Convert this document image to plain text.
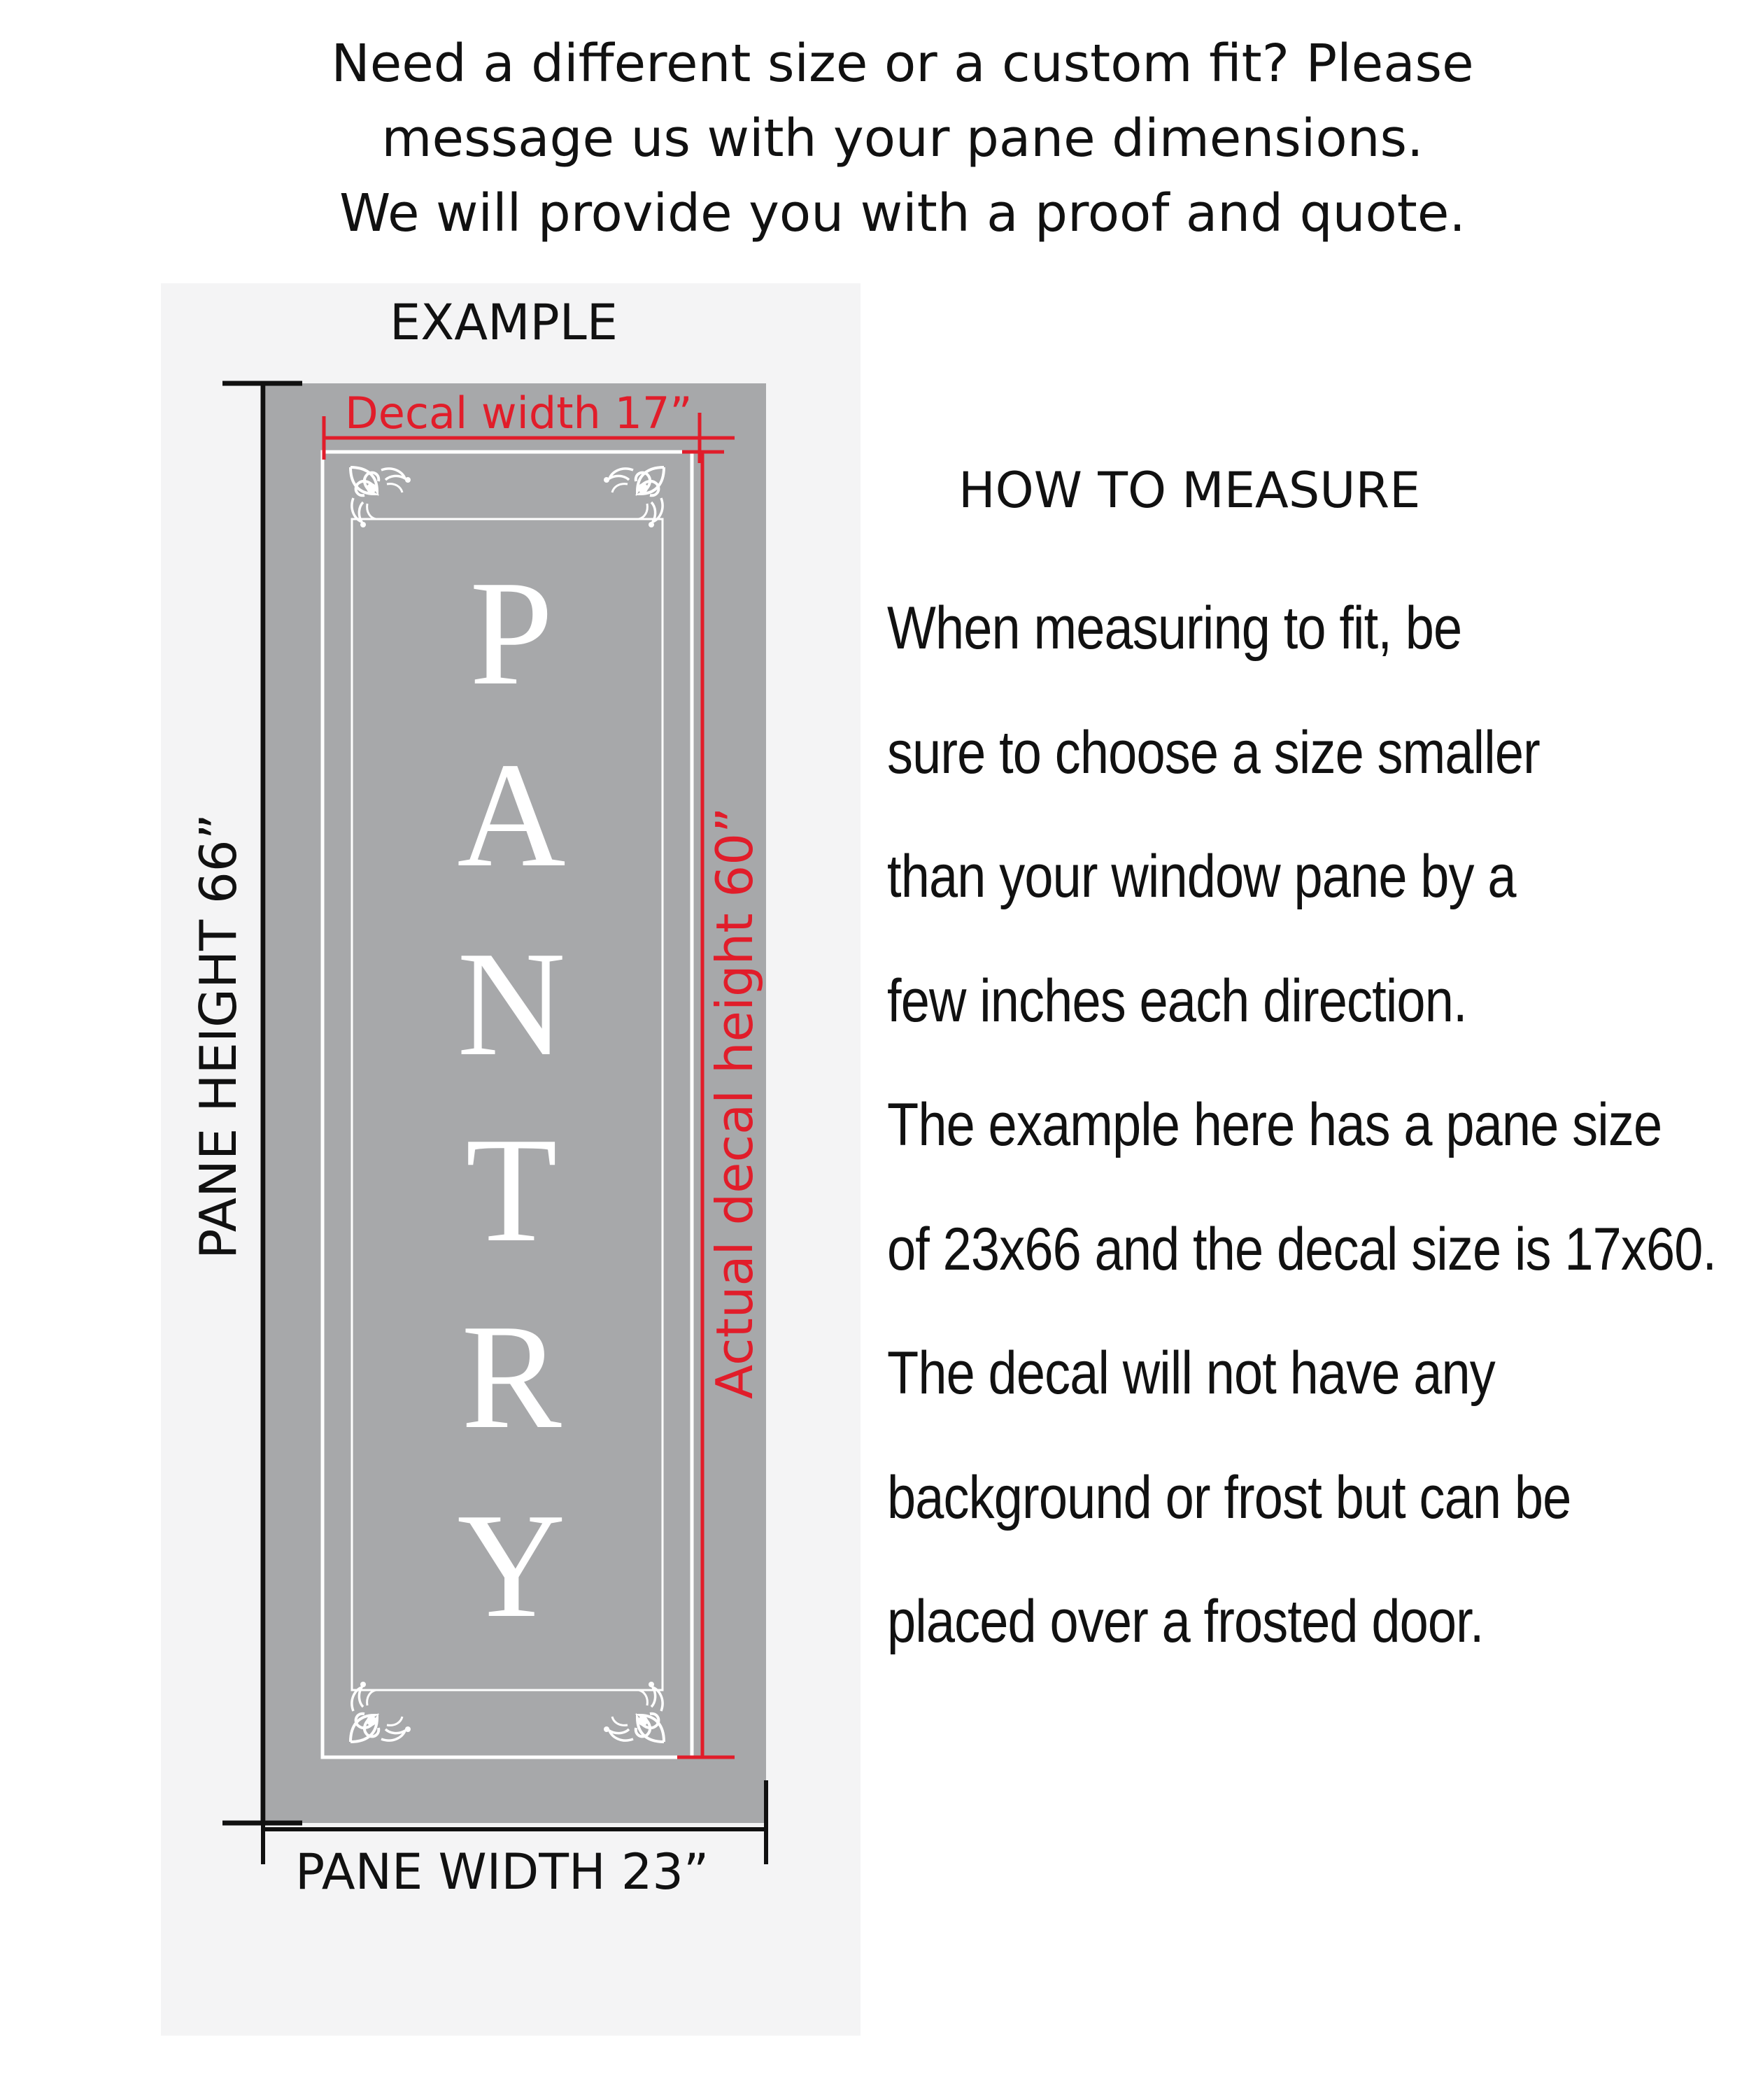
Need a different size or a custom fit? Please
message us with your pane dimensions.
We will provide you with a proof and quote.
P
A
N
T
R
Y
EXAMPLE
Decal width 17”
Actual decal height 60”
PANE HEIGHT 66”
PANE WIDTH 23”
HOW TO MEASURE
When measuring to fit, be
sure to choose a size smaller
than your window pane by a
few inches each direction.
The example here has a pane size
of 23x66 and the decal size is 17x60.
The decal will not have any
background or frost but can be
placed over a frosted door.
